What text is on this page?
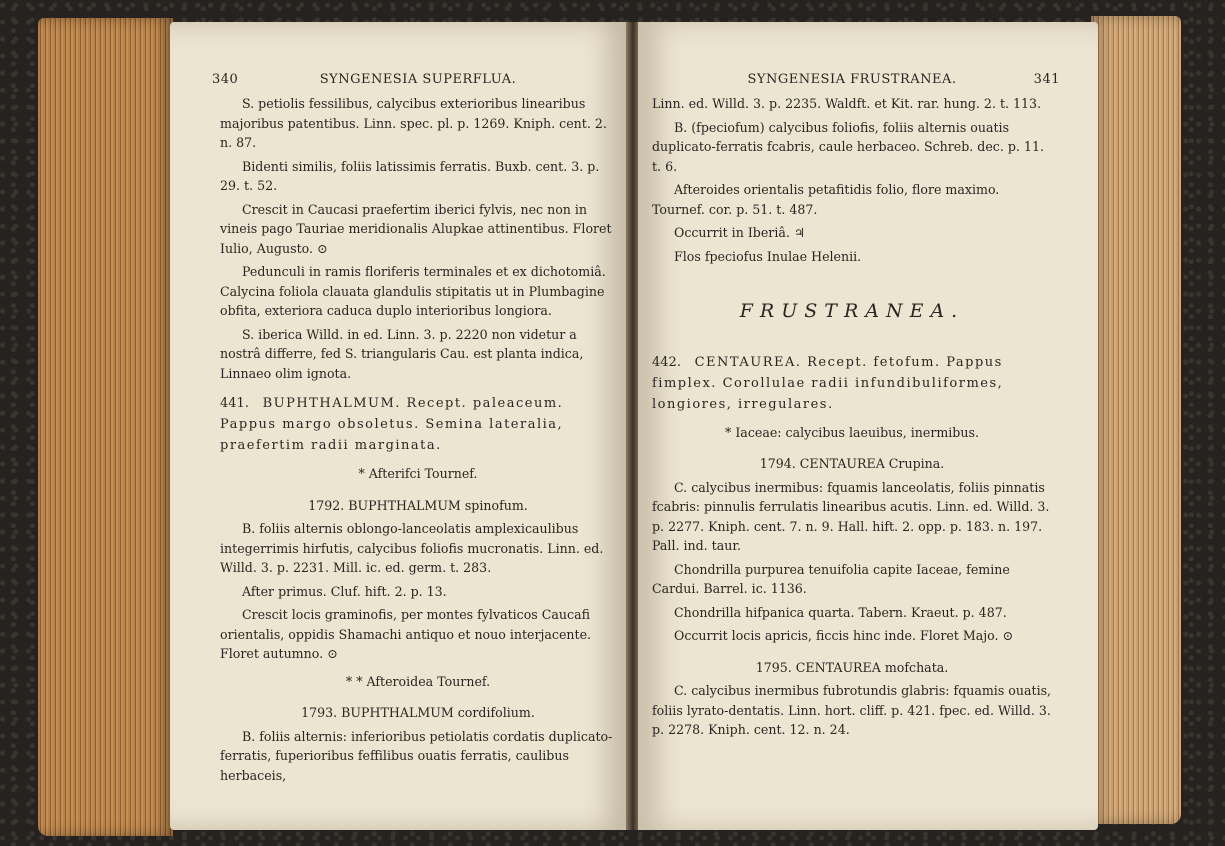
340	SYNGENESIA SUPERFLUA.

S. petiolis fessilibus, calycibus exterioribus linearibus majoribus patentibus. Linn. spec. pl. p. 1269. Kniph. cent. 2. n. 87.

Bidenti similis, foliis latissimis ferratis. Buxb. cent. 3. p. 29. t. 52.

Crescit in Caucasi praefertim iberici fylvis, nec non in vineis pago Tauriae meridionalis Alupkae attinentibus. Floret Iulio, Augusto. ⊙

Pedunculi in ramis floriferis terminales et ex dichotomiâ. Calycina foliola clauata glandulis stipitatis ut in Plumbagine obfita, exteriora caduca duplo interioribus longiora.

S. iberica Willd. in ed. Linn. 3. p. 2220 non videtur a nostrâ differre, fed S. triangularis Cau. est planta indica, Linnaeo olim ignota.

441. BUPHTHALMUM. Recept. paleaceum. Pappus margo obsoletus. Semina lateralia, praefertim radii marginata.
* Afterifci Tournef.
1792. BUPHTHALMUM spinofum.

B. foliis alternis oblongo-lanceolatis amplexicaulibus integerrimis hirfutis, calycibus foliofis mucronatis. Linn. ed. Willd. 3. p. 2231. Mill. ic. ed. germ. t. 283.

After primus. Cluf. hift. 2. p. 13.

Crescit locis graminofis, per montes fylvaticos Caucafi orientalis, oppidis Shamachi antiquo et nouo interjacente. Floret autumno. ⊙

* * Afteroidea Tournef.
1793. BUPHTHALMUM cordifolium.

B. foliis alternis: inferioribus petiolatis cordatis duplicato-ferratis, fuperioribus feffilibus ouatis ferratis, caulibus herbaceis,

SYNGENESIA FRUSTRANEA.	341

Linn. ed. Willd. 3. p. 2235. Waldft. et Kit. rar. hung. 2. t. 113.

B. (fpeciofum) calycibus foliofis, foliis alternis ouatis duplicato-ferratis fcabris, caule herbaceo. Schreb. dec. p. 11. t. 6.

Afteroides orientalis petafitidis folio, flore maximo. Tournef. cor. p. 51. t. 487.

Occurrit in Iberiâ. ♃

Flos fpeciofus Inulae Helenii.

FRUSTRANEA.
442. CENTAUREA. Recept. fetofum. Pappus fimplex. Corollulae radii infundibuliformes, longiores, irregulares.
* Iaceae: calycibus laeuibus, inermibus.
1794. CENTAUREA Crupina.

C. calycibus inermibus: fquamis lanceolatis, foliis pinnatis fcabris: pinnulis ferrulatis linearibus acutis. Linn. ed. Willd. 3. p. 2277. Kniph. cent. 7. n. 9. Hall. hift. 2. opp. p. 183. n. 197. Pall. ind. taur.

Chondrilla purpurea tenuifolia capite Iaceae, femine Cardui. Barrel. ic. 1136.

Chondrilla hifpanica quarta. Tabern. Kraeut. p. 487.

Occurrit locis apricis, ficcis hinc inde. Floret Majo. ⊙

1795. CENTAUREA mofchata.

C. calycibus inermibus fubrotundis glabris: fquamis ouatis, foliis lyrato-dentatis. Linn. hort. cliff. p. 421. fpec. ed. Willd. 3. p. 2278. Kniph. cent. 12. n. 24.
